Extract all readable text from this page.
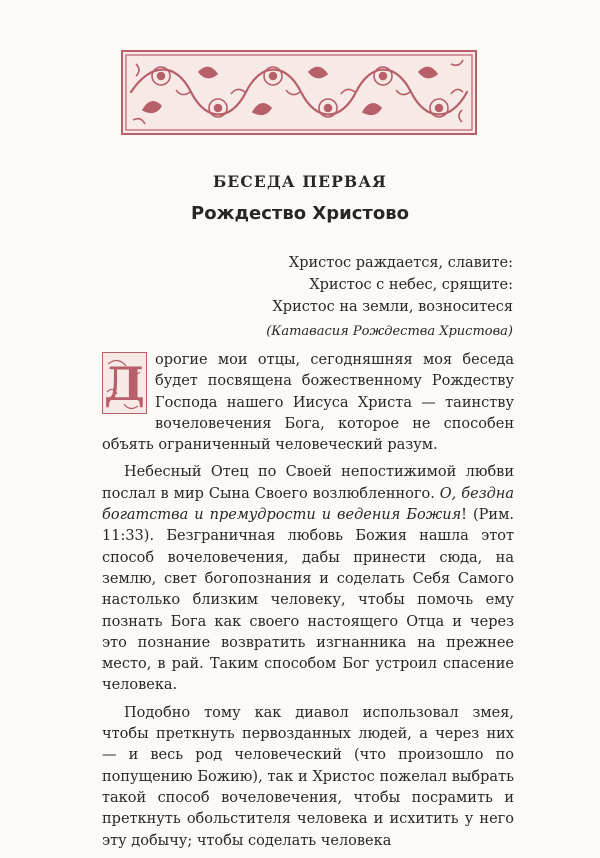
БЕСЕДА ПЕРВАЯ
Рождество Христово
Христос раждается, славите:
Христос с небес, срящите:
Христос на земли, возноситеся
(Катавасия Рождества Христова)

Д орогие мои отцы, сегодняшняя моя беседа будет посвящена божественному Рождеству Господа нашего Иисуса Христа — таинству вочеловечения Бога, которое не способен объять ограниченный человеческий разум.

Небесный Отец по Своей непостижимой любви послал в мир Сына Своего возлюбленного. О, бездна богатства и премудрости и ведения Божия! (Рим. 11:33). Безграничная любовь Божия нашла этот способ вочеловечения, дабы принести сюда, на землю, свет богопознания и соделать Себя Самого настолько близким человеку, чтобы помочь ему познать Бога как своего настоящего Отца и через это познание возвратить изгнанника на прежнее место, в рай. Таким способом Бог устроил спасение человека.

Подобно тому как диавол использовал змея, чтобы преткнуть первозданных людей, а через них — и весь род человеческий (что произошло по попущению Божию), так и Христос пожелал выбрать такой способ вочеловечения, чтобы посрамить и преткнуть обольстителя человека и исхитить у него эту добычу; чтобы соделать человека
